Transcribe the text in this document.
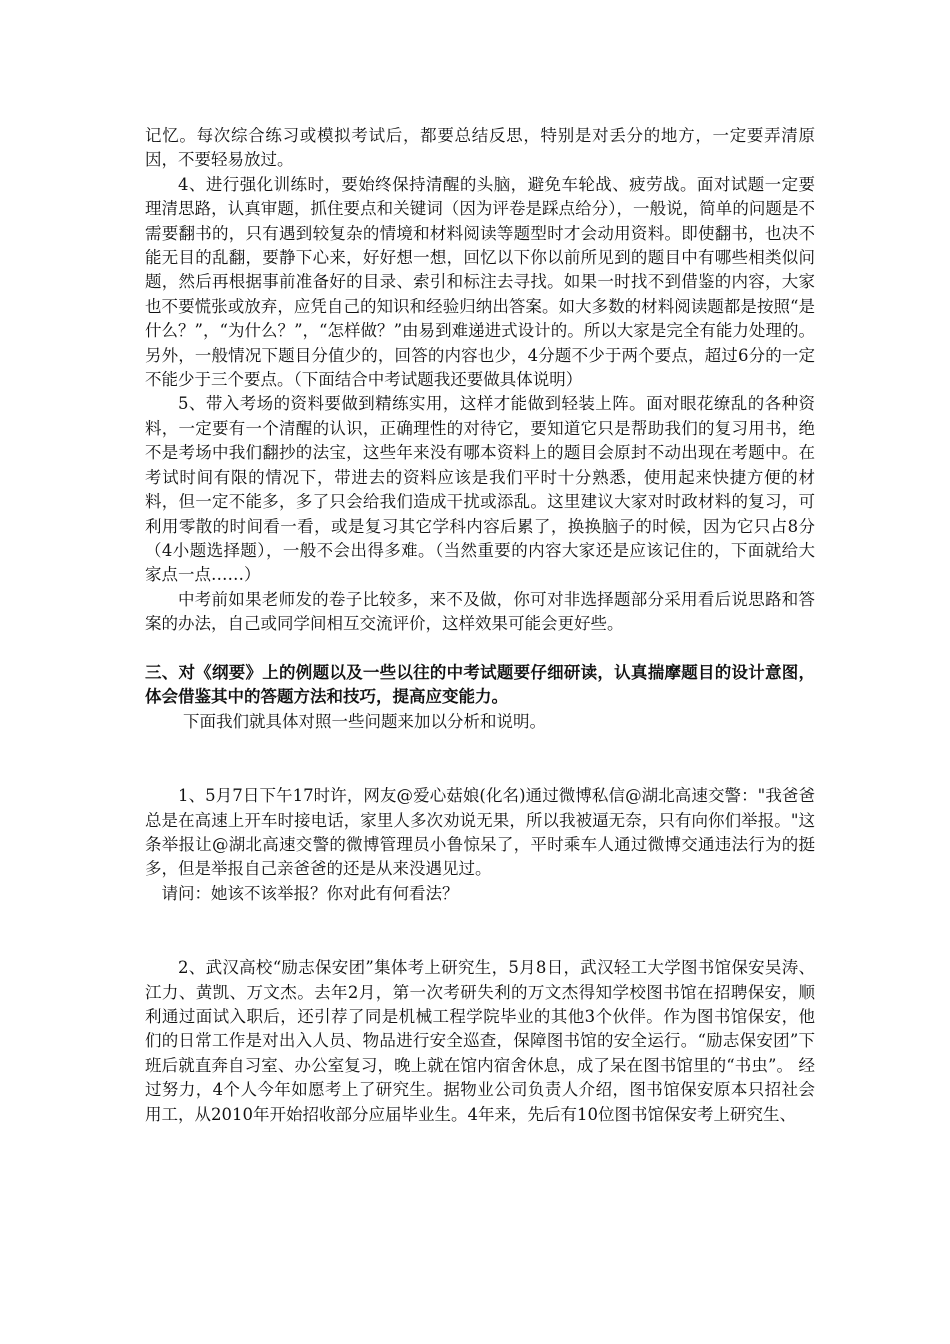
记忆。每次综合练习或模拟考试后，都要总结反思，特别是对丢分的地方，一定要弄清原因，不要轻易放过。

4、进行强化训练时，要始终保持清醒的头脑，避免车轮战、疲劳战。面对试题一定要理清思路，认真审题，抓住要点和关键词（因为评卷是踩点给分），一般说，简单的问题是不需要翻书的，只有遇到较复杂的情境和材料阅读等题型时才会动用资料。即使翻书，也决不能无目的乱翻，要静下心来，好好想一想，回忆以下你以前所见到的题目中有哪些相类似问题，然后再根据事前准备好的目录、索引和标注去寻找。如果一时找不到借鉴的内容，大家也不要慌张或放弃，应凭自己的知识和经验归纳出答案。如大多数的材料阅读题都是按照“是什么？”，“为什么？”，“怎样做？”由易到难递进式设计的。所以大家是完全有能力处理的。另外，一般情况下题目分值少的，回答的内容也少，4分题不少于两个要点，超过6分的一定不能少于三个要点。（下面结合中考试题我还要做具体说明）

5、带入考场的资料要做到精练实用，这样才能做到轻装上阵。面对眼花缭乱的各种资料，一定要有一个清醒的认识，正确理性的对待它，要知道它只是帮助我们的复习用书，绝不是考场中我们翻抄的法宝，这些年来没有哪本资料上的题目会原封不动出现在考题中。在考试时间有限的情况下，带进去的资料应该是我们平时十分熟悉，使用起来快捷方便的材料，但一定不能多，多了只会给我们造成干扰或添乱。这里建议大家对时政材料的复习，可利用零散的时间看一看，或是复习其它学科内容后累了，换换脑子的时候，因为它只占8分（4小题选择题），一般不会出得多难。（当然重要的内容大家还是应该记住的，下面就给大家点一点……）

中考前如果老师发的卷子比较多，来不及做，你可对非选择题部分采用看后说思路和答案的办法，自己或同学间相互交流评价，这样效果可能会更好些。

三、对《纲要》上的例题以及一些以往的中考试题要仔细研读，认真揣摩题目的设计意图，体会借鉴其中的答题方法和技巧，提高应变能力。

下面我们就具体对照一些问题来加以分析和说明。

1、5月7日下午17时许，网友@爱心菇娘(化名)通过微博私信@湖北高速交警："我爸爸总是在高速上开车时接电话，家里人多次劝说无果，所以我被逼无奈，只有向你们举报。"这条举报让@湖北高速交警的微博管理员小鲁惊呆了，平时乘车人通过微博交通违法行为的挺多，但是举报自己亲爸爸的还是从来没遇见过。

请问：她该不该举报？你对此有何看法？

2、武汉高校“励志保安团”集体考上研究生，5月8日，武汉轻工大学图书馆保安吴涛、江力、黄凯、万文杰。去年2月，第一次考研失利的万文杰得知学校图书馆在招聘保安，顺利通过面试入职后，还引荐了同是机械工程学院毕业的其他3个伙伴。作为图书馆保安，他们的日常工作是对出入人员、物品进行安全巡查，保障图书馆的安全运行。“励志保安团”下班后就直奔自习室、办公室复习，晚上就在馆内宿舍休息，成了呆在图书馆里的“书虫”。 经过努力，4个人今年如愿考上了研究生。据物业公司负责人介绍，图书馆保安原本只招社会用工，从2010年开始招收部分应届毕业生。4年来，先后有10位图书馆保安考上研究生、
